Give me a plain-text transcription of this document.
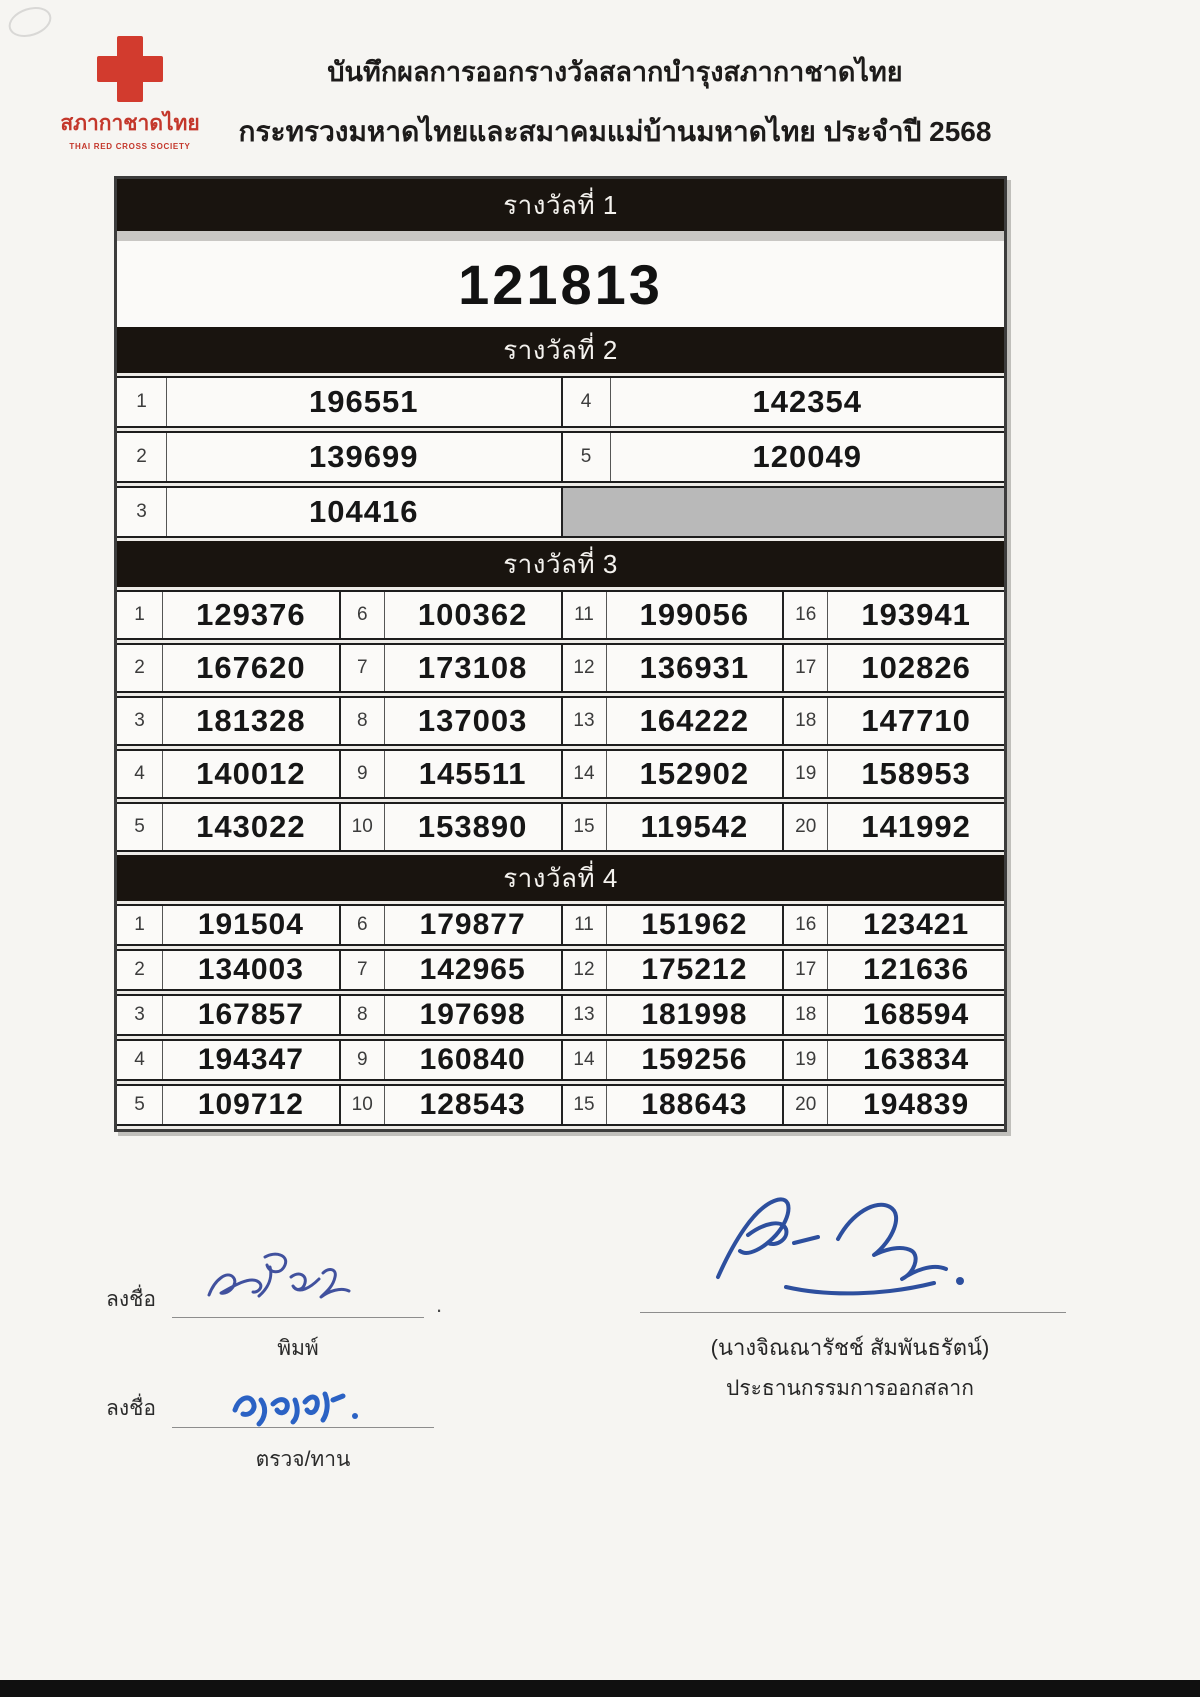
สภากาชาดไทย
THAI RED CROSS SOCIETY
บันทึกผลการออกรางวัลสลากบำรุงสภากาชาดไทย
กระทรวงมหาดไทยและสมาคมแม่บ้านมหาดไทย ประจำปี 2568
รางวัลที่ 1
121813
รางวัลที่ 2
1	196551	4	142354
2	139699	5	120049
3	104416
รางวัลที่ 3
1	129376	6	100362	11	199056	16	193941
2	167620	7	173108	12	136931	17	102826
3	181328	8	137003	13	164222	18	147710
4	140012	9	145511	14	152902	19	158953
5	143022	10	153890	15	119542	20	141992
รางวัลที่ 4
1	191504	6	179877	11	151962	16	123421
2	134003	7	142965	12	175212	17	121636
3	167857	8	197698	13	181998	18	168594
4	194347	9	160840	14	159256	19	163834
5	109712	10	128543	15	188643	20	194839
ลงชื่อ	.
พิมพ์
ลงชื่อ
ตรวจ/ทาน
(นางจิณณารัชช์ สัมพันธรัตน์)
ประธานกรรมการออกสลาก
